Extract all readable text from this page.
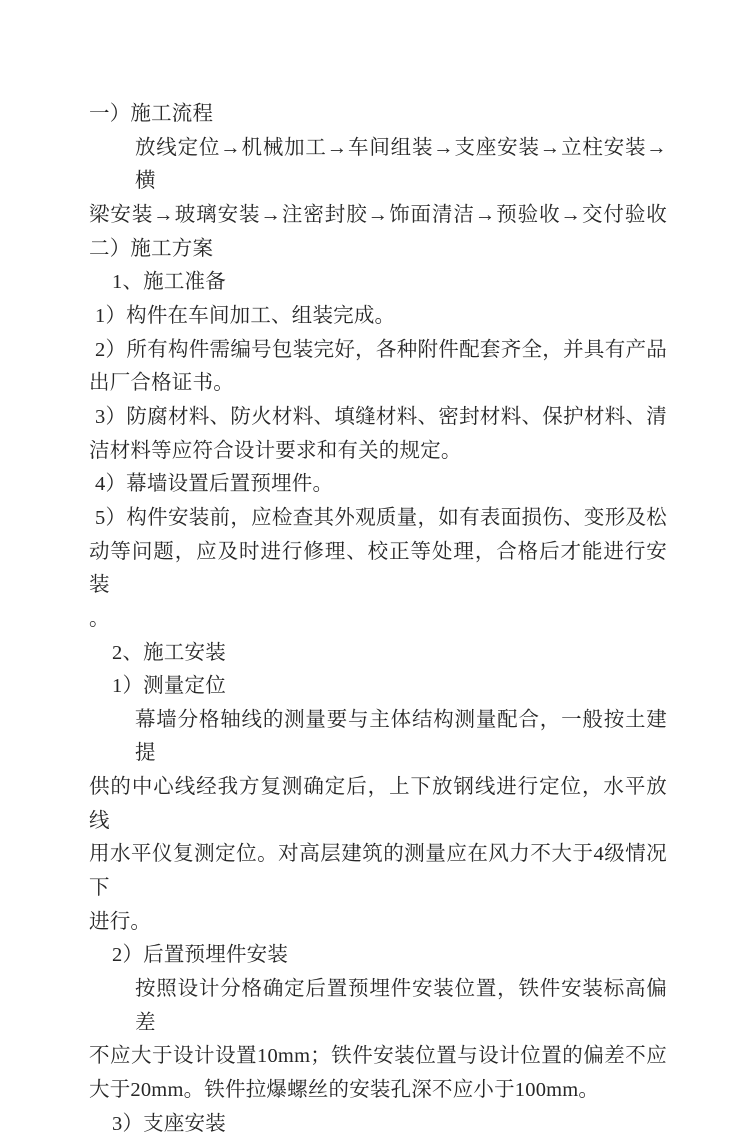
一）施工流程
放线定位→机械加工→车间组装→支座安装→立柱安装→横
梁安装→玻璃安装→注密封胶→饰面清洁→预验收→交付验收
二）施工方案
1、施工准备
1）构件在车间加工、组装完成。
2）所有构件需编号包装完好，各种附件配套齐全，并具有产品
出厂合格证书。
3）防腐材料、防火材料、填缝材料、密封材料、保护材料、清
洁材料等应符合设计要求和有关的规定。
4）幕墙设置后置预埋件。
5）构件安装前，应检查其外观质量，如有表面损伤、变形及松
动等问题，应及时进行修理、校正等处理，合格后才能进行安装
。
2、施工安装
1）测量定位
幕墙分格轴线的测量要与主体结构测量配合，一般按土建提
供的中心线经我方复测确定后，上下放钢线进行定位，水平放线
用水平仪复测定位。对高层建筑的测量应在风力不大于4级情况下
进行。
2）后置预埋件安装
按照设计分格确定后置预埋件安装位置，铁件安装标高偏差
不应大于设计设置10mm；铁件安装位置与设计位置的偏差不应
大于20mm。铁件拉爆螺丝的安装孔深不应小于100mm。
3）支座安装
